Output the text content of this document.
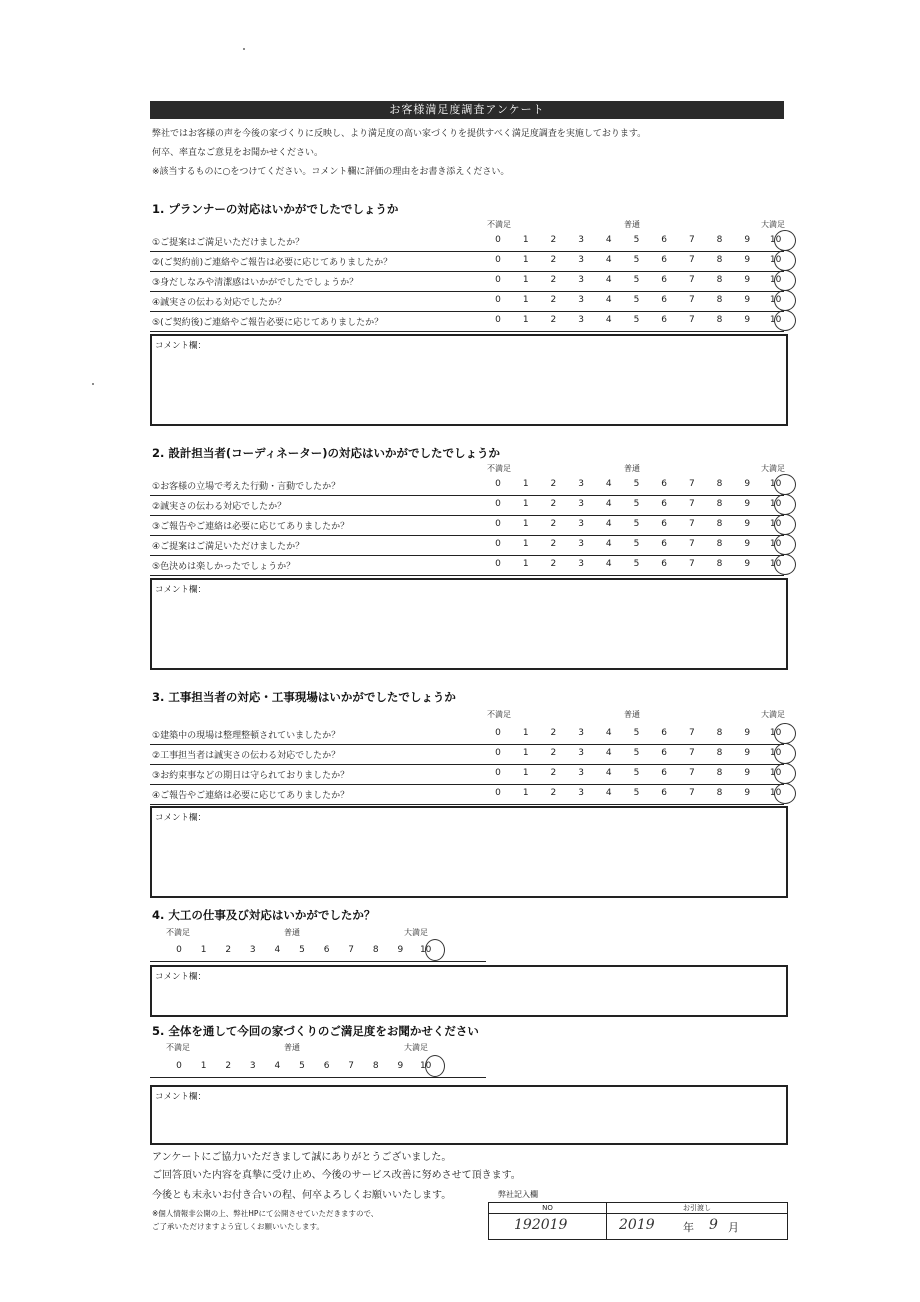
お客様満足度調査アンケート
弊社ではお客様の声を今後の家づくりに反映し、より満足度の高い家づくりを提供すべく満足度調査を実施しております。
何卒、率直なご意見をお聞かせください。
※該当するものに○をつけてください。コメント欄に評価の理由をお書き添えください。
1. プランナーの対応はいかがでしたでしょうか
不満足	普通	大満足
①ご提案はご満足いただけましたか？	0 1 2 3 4 5 6 7 8 9 10
②(ご契約前)ご連絡やご報告は必要に応じてありましたか？	0 1 2 3 4 5 6 7 8 9 10
③身だしなみや清潔感はいかがでしたでしょうか？	0 1 2 3 4 5 6 7 8 9 10
④誠実さの伝わる対応でしたか？	0 1 2 3 4 5 6 7 8 9 10
⑤(ご契約後)ご連絡やご報告必要に応じてありましたか？	0 1 2 3 4 5 6 7 8 9 10
コメント欄：
2. 設計担当者(コーディネーター)の対応はいかがでしたでしょうか
不満足	普通	大満足
①お客様の立場で考えた行動・言動でしたか？	0 1 2 3 4 5 6 7 8 9 10
②誠実さの伝わる対応でしたか？	0 1 2 3 4 5 6 7 8 9 10
③ご報告やご連絡は必要に応じてありましたか？	0 1 2 3 4 5 6 7 8 9 10
④ご提案はご満足いただけましたか？	0 1 2 3 4 5 6 7 8 9 10
⑤色決めは楽しかったでしょうか？	0 1 2 3 4 5 6 7 8 9 10
コメント欄：
3. 工事担当者の対応・工事現場はいかがでしたでしょうか
不満足	普通	大満足
①建築中の現場は整理整頓されていましたか？	0 1 2 3 4 5 6 7 8 9 10
②工事担当者は誠実さの伝わる対応でしたか？	0 1 2 3 4 5 6 7 8 9 10
③お約束事などの期日は守られておりましたか？	0 1 2 3 4 5 6 7 8 9 10
④ご報告やご連絡は必要に応じてありましたか？	0 1 2 3 4 5 6 7 8 9 10
コメント欄：
4. 大工の仕事及び対応はいかがでしたか？
不満足	普通	大満足
0 1 2 3 4 5 6 7 8 9 10
コメント欄：
5. 全体を通して今回の家づくりのご満足度をお聞かせください
不満足	普通	大満足
0 1 2 3 4 5 6 7 8 9 10
コメント欄：
アンケートにご協力いただきまして誠にありがとうございました。
ご回答頂いた内容を真摯に受け止め、今後のサービス改善に努めさせて頂きます。
今後とも末永いお付き合いの程、何卒よろしくお願いいたします。
※個人情報非公開の上、弊社HPにて公開させていただきますので、
ご了承いただけますよう宜しくお願いいたします。
弊社記入欄
NO	お引渡し
192019	2019	年 9 月
